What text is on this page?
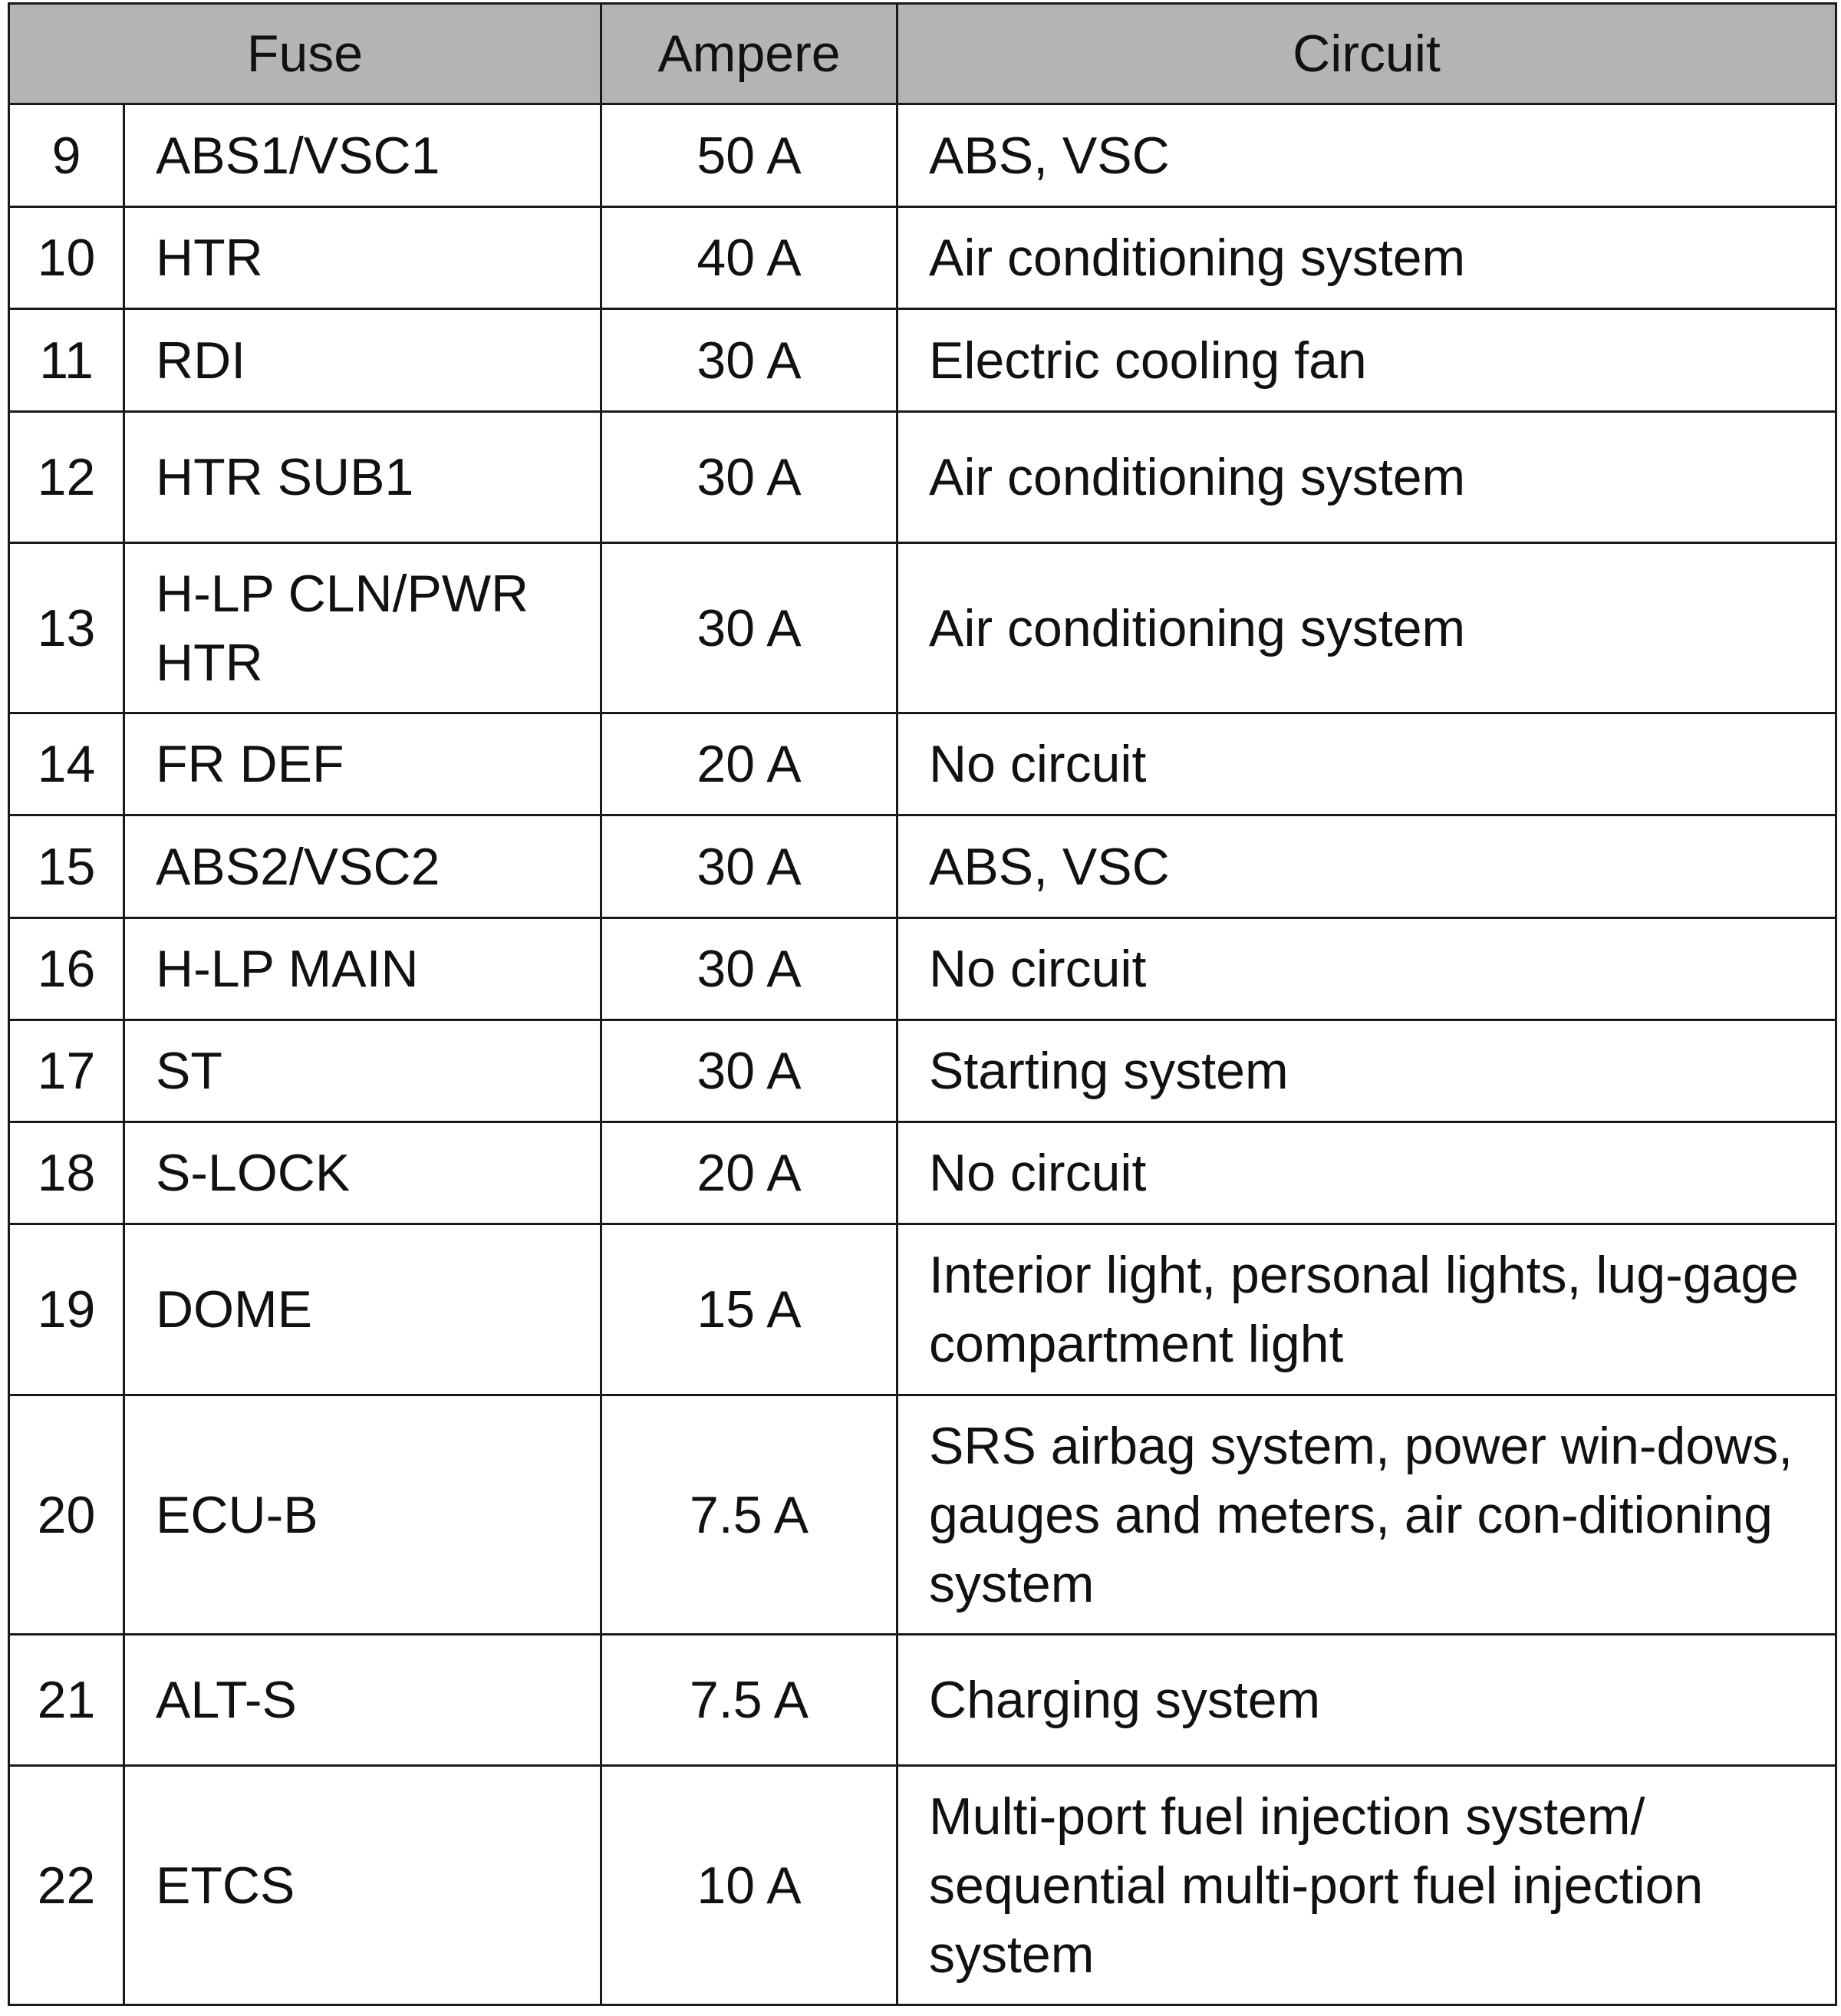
Fuse		Ampere	Circuit
9	ABS1/VSC1	50 A	ABS, VSC
10	HTR	40 A	Air conditioning system
11	RDI	30 A	Electric cooling fan
12	HTR SUB1	30 A	Air conditioning system
13	H-LP CLN/PWR HTR	30 A	Air conditioning system
14	FR DEF	20 A	No circuit
15	ABS2/VSC2	30 A	ABS, VSC
16	H-LP MAIN	30 A	No circuit
17	ST	30 A	Starting system
18	S-LOCK	20 A	No circuit
19	DOME	15 A	Interior light, personal lights, lug-gage compartment light
20	ECU-B	7.5 A	SRS airbag system, power win-dows, gauges and meters, air con-ditioning system
21	ALT-S	7.5 A	Charging system
22	ETCS	10 A	Multi-port fuel injection system/ sequential multi-port fuel injection system
